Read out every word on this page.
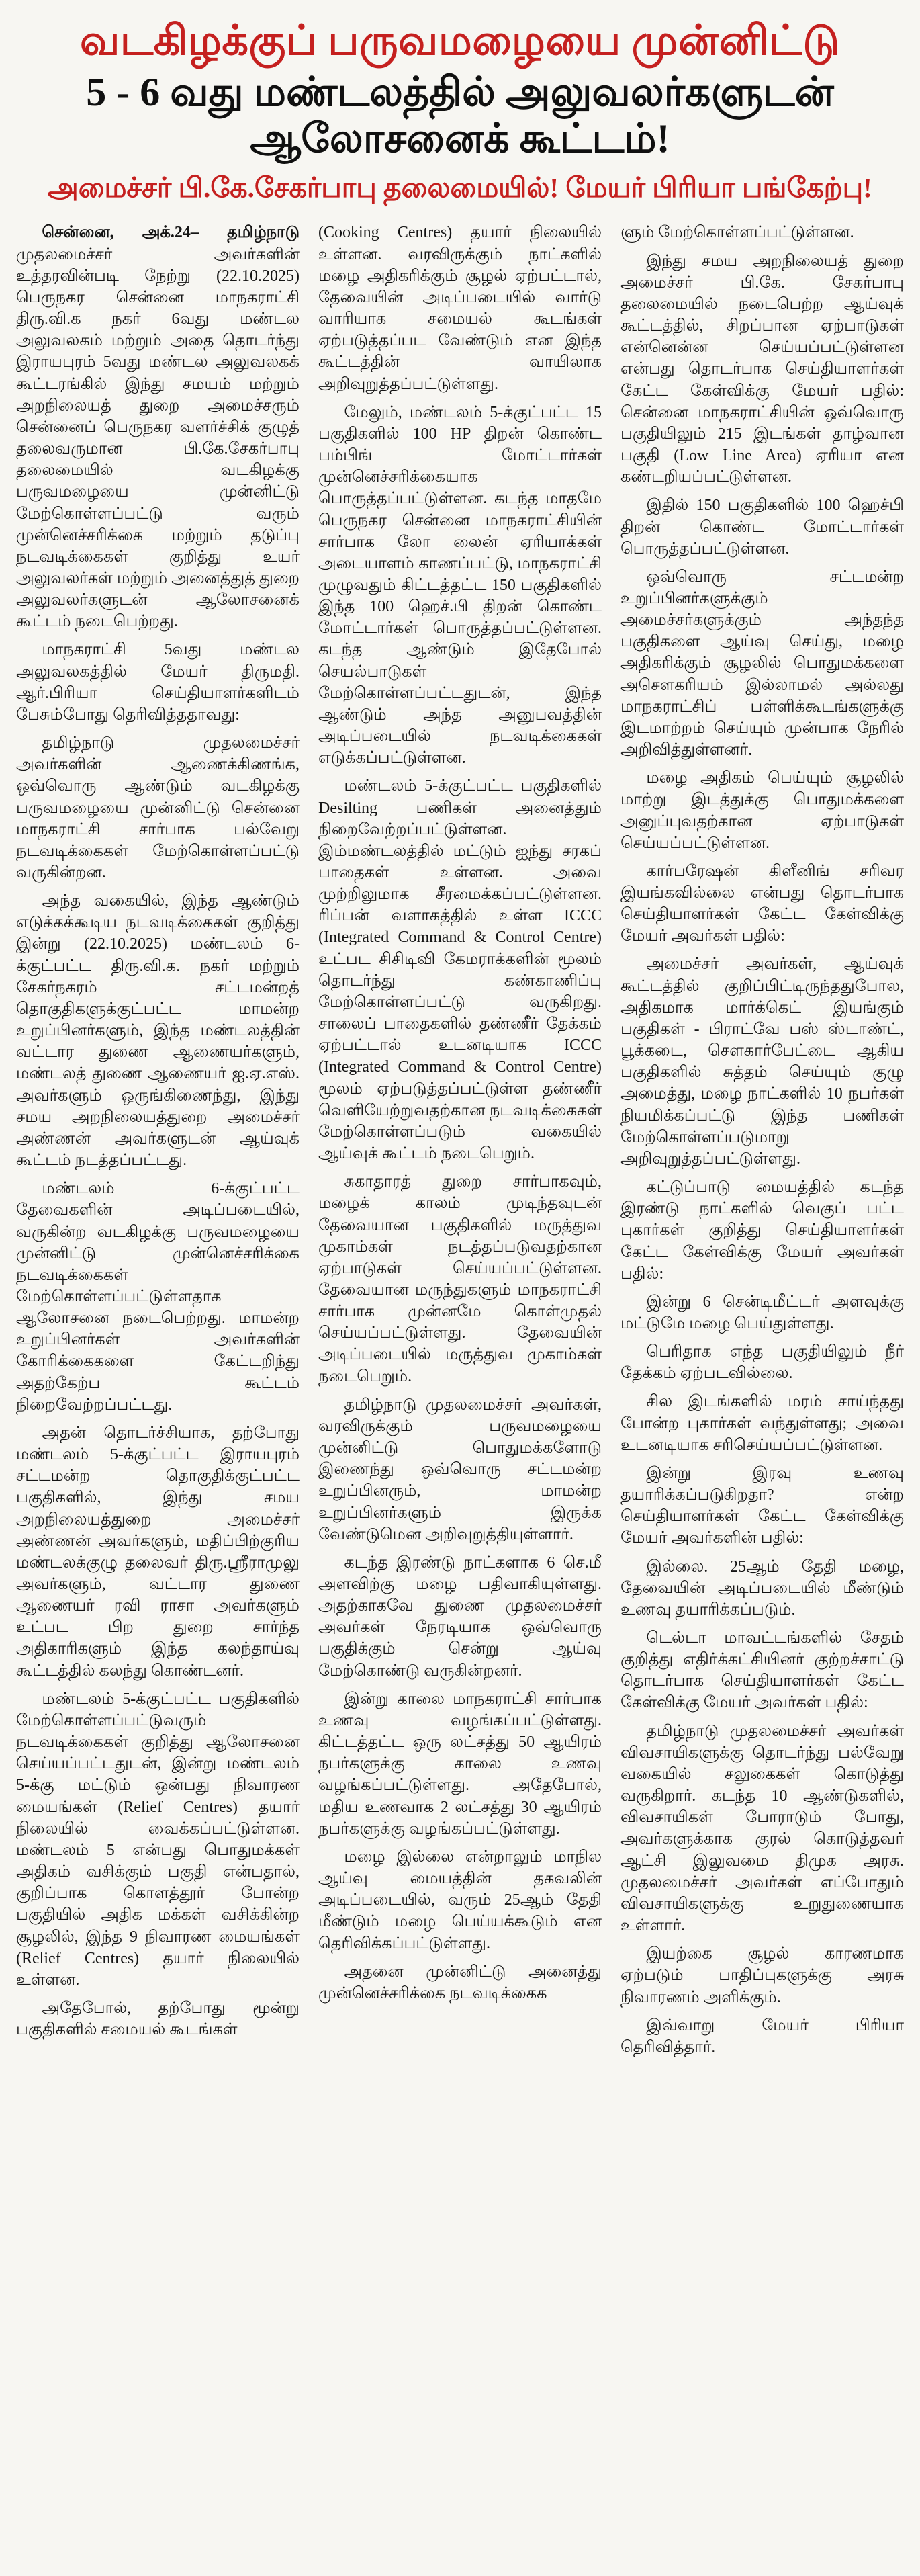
வடகிழக்குப் பருவமழையை முன்னிட்டு
5 - 6 வது மண்டலத்தில் அலுவலர்களுடன் ஆலோசனைக் கூட்டம்!
அமைச்சர் பி.கே.சேகர்பாபு தலைமையில்! மேயர் பிரியா பங்கேற்பு!

சென்னை, அக்.24– தமிழ்நாடு முதலமைச்சர் அவர்களின் உத்தரவின்படி நேற்று (22.10.2025) பெருநகர சென்னை மாநகராட்சி திரு.வி.க நகர் 6வது மண்டல அலுவலகம் மற்றும் அதை தொடர்ந்து இராயபுரம் 5வது மண்டல அலுவலகக் கூட்டரங்கில் இந்து சமயம் மற்றும் அறநிலையத் துறை அமைச்சரும் சென்னைப் பெருநகர வளர்ச்சிக் குழுத் தலைவருமான பி.கே.சேகர்பாபு தலைமையில் வடகிழக்கு பருவமழையை முன்னிட்டு மேற்கொள்ளப்பட்டு வரும் முன்னெச்சரிக்கை மற்றும் தடுப்பு நடவடிக்கைகள் குறித்து உயர் அலுவலர்கள் மற்றும் அனைத்துத் துறை அலுவலர்களுடன் ஆலோசனைக் கூட்டம் நடைபெற்றது.

மாநகராட்சி 5வது மண்டல அலுவலகத்தில் மேயர் திருமதி. ஆர்.பிரியா செய்தியாளர்களிடம் பேசும்போது தெரிவித்ததாவது:

தமிழ்நாடு முதலமைச்சர் அவர்களின் ஆணைக்கிணங்க, ஒவ்வொரு ஆண்டும் வடகிழக்கு பருவமழையை முன்னிட்டு சென்னை மாநகராட்சி சார்பாக பல்வேறு நடவடிக்கைகள் மேற்கொள்ளப்பட்டு வருகின்றன.

அந்த வகையில், இந்த ஆண்டும் எடுக்கக்கூடிய நடவடிக்கைகள் குறித்து இன்று (22.10.2025) மண்டலம் 6-க்குட்பட்ட திரு.வி.க. நகர் மற்றும் சேகர்நகரம் சட்டமன்றத் தொகுதிகளுக்குட்பட்ட மாமன்ற உறுப்பினர்களும், இந்த மண்டலத்தின் வட்டார துணை ஆணையர்களும், மண்டலத் துணை ஆணையர் ஐ.ஏ.எஸ். அவர்களும் ஒருங்கிணைந்து, இந்து சமய அறநிலையத்துறை அமைச்சர் அண்ணன் அவர்களுடன் ஆய்வுக் கூட்டம் நடத்தப்பட்டது.

மண்டலம் 6-க்குட்பட்ட தேவைகளின் அடிப்படையில், வருகின்ற வடகிழக்கு பருவமழையை முன்னிட்டு முன்னெச்சரிக்கை நடவடிக்கைகள் மேற்கொள்ளப்பட்டுள்ளதாக ஆலோசனை நடைபெற்றது. மாமன்ற உறுப்பினர்கள் அவர்களின் கோரிக்கைகளை கேட்டறிந்து அதற்கேற்ப கூட்டம் நிறைவேற்றப்பட்டது.

அதன் தொடர்ச்சியாக, தற்போது மண்டலம் 5-க்குட்பட்ட இராயபுரம் சட்டமன்ற தொகுதிக்குட்பட்ட பகுதிகளில், இந்து சமய அறநிலையத்துறை அமைச்சர் அண்ணன் அவர்களும், மதிப்பிற்குரிய மண்டலக்குழு தலைவர் திரு.ஸ்ரீராமுலு அவர்களும், வட்டார துணை ஆணையர் ரவி ராசா அவர்களும் உட்பட பிற துறை சார்ந்த அதிகாரிகளும் இந்த கலந்தாய்வு கூட்டத்தில் கலந்து கொண்டனர்.

மண்டலம் 5-க்குட்பட்ட பகுதிகளில் மேற்கொள்ளப்பட்டுவரும் நடவடிக்கைகள் குறித்து ஆலோசனை செய்யப்பட்டதுடன், இன்று மண்டலம் 5-க்கு மட்டும் ஒன்பது நிவாரண மையங்கள் (Relief Centres) தயார் நிலையில் வைக்கப்பட்டுள்ளன. மண்டலம் 5 என்பது பொதுமக்கள் அதிகம் வசிக்கும் பகுதி என்பதால், குறிப்பாக கொளத்தூர் போன்ற பகுதியில் அதிக மக்கள் வசிக்கின்ற சூழலில், இந்த 9 நிவாரண மையங்கள் (Relief Centres) தயார் நிலையில் உள்ளன.

அதேபோல், தற்போது மூன்று பகுதிகளில் சமையல் கூடங்கள்

(Cooking Centres) தயார் நிலையில் உள்ளன. வரவிருக்கும் நாட்களில் மழை அதிகரிக்கும் சூழல் ஏற்பட்டால், தேவையின் அடிப்படையில் வார்டு வாரியாக சமையல் கூடங்கள் ஏற்படுத்தப்பட வேண்டும் என இந்த கூட்டத்தின் வாயிலாக அறிவுறுத்தப்பட்டுள்ளது.

மேலும், மண்டலம் 5-க்குட்பட்ட 15 பகுதிகளில் 100 HP திறன் கொண்ட பம்பிங் மோட்டார்கள் முன்னெச்சரிக்கையாக பொருத்தப்பட்டுள்ளன. கடந்த மாதமே பெருநகர சென்னை மாநகராட்சியின் சார்பாக லோ லைன் ஏரியாக்கள் அடையாளம் காணப்பட்டு, மாநகராட்சி முழுவதும் கிட்டத்தட்ட 150 பகுதிகளில் இந்த 100 ஹெச்.பி திறன் கொண்ட மோட்டார்கள் பொருத்தப்பட்டுள்ளன. கடந்த ஆண்டும் இதேபோல் செயல்பாடுகள் மேற்கொள்ளப்பட்டதுடன், இந்த ஆண்டும் அந்த அனுபவத்தின் அடிப்படையில் நடவடிக்கைகள் எடுக்கப்பட்டுள்ளன.

மண்டலம் 5-க்குட்பட்ட பகுதிகளில் Desilting பணிகள் அனைத்தும் நிறைவேற்றப்பட்டுள்ளன. இம்மண்டலத்தில் மட்டும் ஐந்து சரகப் பாதைகள் உள்ளன. அவை முற்றிலுமாக சீரமைக்கப்பட்டுள்ளன. ரிப்பன் வளாகத்தில் உள்ள ICCC (Integrated Command & Control Centre) உட்பட சிசிடிவி கேமராக்களின் மூலம் தொடர்ந்து கண்காணிப்பு மேற்கொள்ளப்பட்டு வருகிறது. சாலைப் பாதைகளில் தண்ணீர் தேக்கம் ஏற்பட்டால் உடனடியாக ICCC (Integrated Command & Control Centre) மூலம் ஏற்படுத்தப்பட்டுள்ள தண்ணீர் வெளியேற்றுவதற்கான நடவடிக்கைகள் மேற்கொள்ளப்படும் வகையில் ஆய்வுக் கூட்டம் நடைபெறும்.

சுகாதாரத் துறை சார்பாகவும், மழைக் காலம் முடிந்தவுடன் தேவையான பகுதிகளில் மருத்துவ முகாம்கள் நடத்தப்படுவதற்கான ஏற்பாடுகள் செய்யப்பட்டுள்ளன. தேவையான மருந்துகளும் மாநகராட்சி சார்பாக முன்னமே கொள்முதல் செய்யப்பட்டுள்ளது. தேவையின் அடிப்படையில் மருத்துவ முகாம்கள் நடைபெறும்.

தமிழ்நாடு முதலமைச்சர் அவர்கள், வரவிருக்கும் பருவமழையை முன்னிட்டு பொதுமக்களோடு இணைந்து ஒவ்வொரு சட்டமன்ற உறுப்பினரும், மாமன்ற உறுப்பினர்களும் இருக்க வேண்டுமென அறிவுறுத்தியுள்ளார்.

கடந்த இரண்டு நாட்களாக 6 செ.மீ அளவிற்கு மழை பதிவாகியுள்ளது. அதற்காகவே துணை முதலமைச்சர் அவர்கள் நேரடியாக ஒவ்வொரு பகுதிக்கும் சென்று ஆய்வு மேற்கொண்டு வருகின்றனர்.

இன்று காலை மாநகராட்சி சார்பாக உணவு வழங்கப்பட்டுள்ளது. கிட்டத்தட்ட ஒரு லட்சத்து 50 ஆயிரம் நபர்களுக்கு காலை உணவு வழங்கப்பட்டுள்ளது. அதேபோல், மதிய உணவாக 2 லட்சத்து 30 ஆயிரம் நபர்களுக்கு வழங்கப்பட்டுள்ளது.

மழை இல்லை என்றாலும் மாநில ஆய்வு மையத்தின் தகவலின் அடிப்படையில், வரும் 25ஆம் தேதி மீண்டும் மழை பெய்யக்கூடும் என தெரிவிக்கப்பட்டுள்ளது.

அதனை முன்னிட்டு அனைத்து முன்னெச்சரிக்கை நடவடிக்கைக

ளும் மேற்கொள்ளப்பட்டுள்ளன.

இந்து சமய அறநிலையத் துறை அமைச்சர் பி.கே. சேகர்பாபு தலைமையில் நடைபெற்ற ஆய்வுக் கூட்டத்தில், சிறப்பான ஏற்பாடுகள் என்னென்ன செய்யப்பட்டுள்ளன என்பது தொடர்பாக செய்தியாளர்கள் கேட்ட கேள்விக்கு மேயர் பதில்: சென்னை மாநகராட்சியின் ஒவ்வொரு பகுதியிலும் 215 இடங்கள் தாழ்வான பகுதி (Low Line Area) ஏரியா என கண்டறியப்பட்டுள்ளன.

இதில் 150 பகுதிகளில் 100 ஹெச்பி திறன் கொண்ட மோட்டார்கள் பொருத்தப்பட்டுள்ளன.

ஒவ்வொரு சட்டமன்ற உறுப்பினர்களுக்கும் அமைச்சர்களுக்கும் அந்தந்த பகுதிகளை ஆய்வு செய்து, மழை அதிகரிக்கும் சூழலில் பொதுமக்களை அசௌகரியம் இல்லாமல் அல்லது மாநகராட்சிப் பள்ளிக்கூடங்களுக்கு இடமாற்றம் செய்யும் முன்பாக நேரில் அறிவித்துள்ளனர்.

மழை அதிகம் பெய்யும் சூழலில் மாற்று இடத்துக்கு பொதுமக்களை அனுப்புவதற்கான ஏற்பாடுகள் செய்யப்பட்டுள்ளன.

கார்பரேஷன் கிளீனிங் சரிவர இயங்கவில்லை என்பது தொடர்பாக செய்தியாளர்கள் கேட்ட கேள்விக்கு மேயர் அவர்கள் பதில்:

அமைச்சர் அவர்கள், ஆய்வுக் கூட்டத்தில் குறிப்பிட்டிருந்ததுபோல, அதிகமாக மார்க்கெட் இயங்கும் பகுதிகள் - பிராட்வே பஸ் ஸ்டாண்ட், பூக்கடை, சௌகார்பேட்டை ஆகிய பகுதிகளில் சுத்தம் செய்யும் குழு அமைத்து, மழை நாட்களில் 10 நபர்கள் நியமிக்கப்பட்டு இந்த பணிகள் மேற்கொள்ளப்படுமாறு அறிவுறுத்தப்பட்டுள்ளது.

கட்டுப்பாடு மையத்தில் கடந்த இரண்டு நாட்களில் வெகுப் பட்ட புகார்கள் குறித்து செய்தியாளர்கள் கேட்ட கேள்விக்கு மேயர் அவர்கள் பதில்:

இன்று 6 சென்டிமீட்டர் அளவுக்கு மட்டுமே மழை பெய்துள்ளது.

பெரிதாக எந்த பகுதியிலும் நீர் தேக்கம் ஏற்படவில்லை.

சில இடங்களில் மரம் சாய்ந்தது போன்ற புகார்கள் வந்துள்ளது; அவை உடனடியாக சரிசெய்யப்பட்டுள்ளன.

இன்று இரவு உணவு தயாரிக்கப்படுகிறதா? என்ற செய்தியாளர்கள் கேட்ட கேள்விக்கு மேயர் அவர்களின் பதில்:

இல்லை. 25ஆம் தேதி மழை, தேவையின் அடிப்படையில் மீண்டும் உணவு தயாரிக்கப்படும்.

டெல்டா மாவட்டங்களில் சேதம் குறித்து எதிர்க்கட்சியினர் குற்றச்சாட்டு தொடர்பாக செய்தியாளர்கள் கேட்ட கேள்விக்கு மேயர் அவர்கள் பதில்:

தமிழ்நாடு முதலமைச்சர் அவர்கள் விவசாயிகளுக்கு தொடர்ந்து பல்வேறு வகையில் சலுகைகள் கொடுத்து வருகிறார். கடந்த 10 ஆண்டுகளில், விவசாயிகள் போராடும் போது, அவர்களுக்காக குரல் கொடுத்தவர் ஆட்சி இலுவமை திமுக அரசு. முதலமைச்சர் அவர்கள் எப்போதும் விவசாயிகளுக்கு உறுதுணையாக உள்ளார்.

இயற்கை சூழல் காரணமாக ஏற்படும் பாதிப்புகளுக்கு அரசு நிவாரணம் அளிக்கும்.

இவ்வாறு மேயர் பிரியா தெரிவித்தார்.
